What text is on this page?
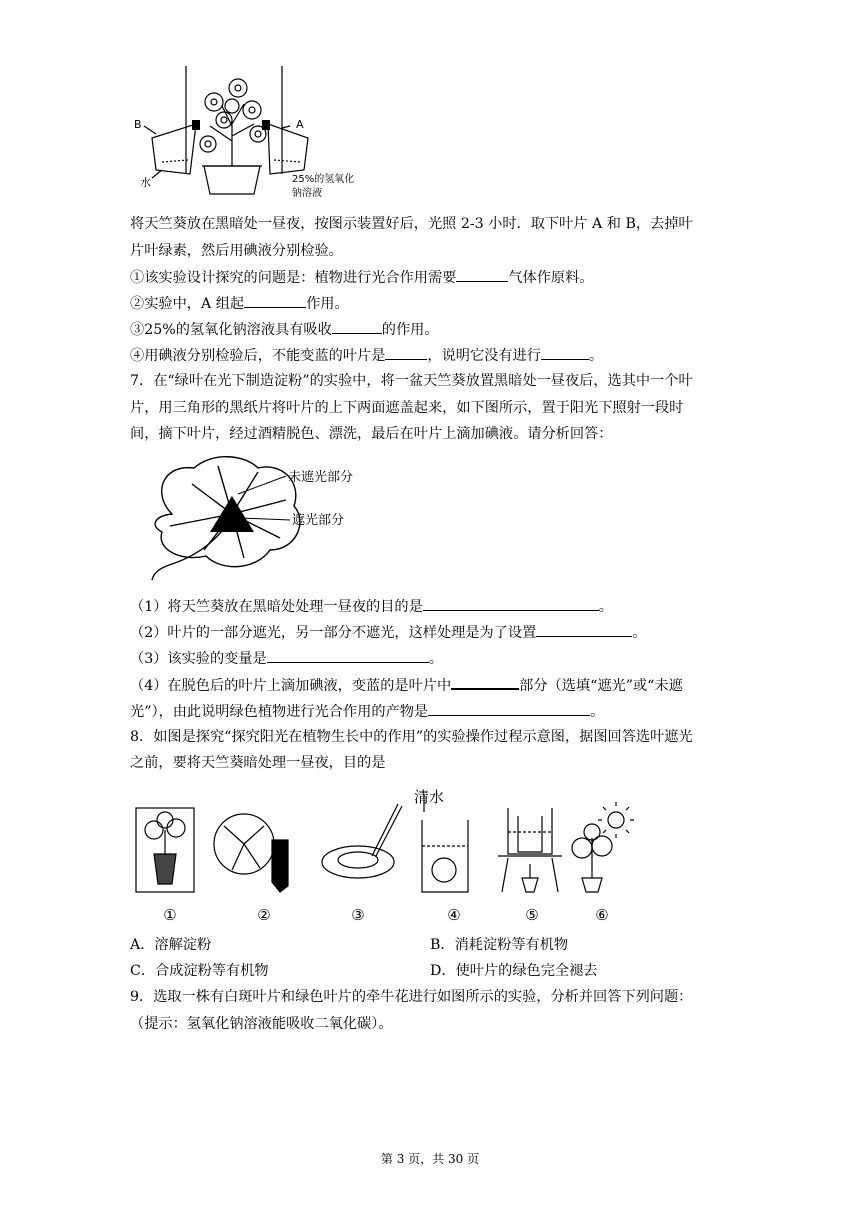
B	A
水	25%的氢氧化
钠溶液
将天竺葵放在黑暗处一昼夜，按图示装置好后，光照 2-3 小时．取下叶片 A 和 B，去掉叶
片叶绿素，然后用碘液分别检验。
①该实验设计探究的问题是：植物进行光合作用需要	气体作原料。
②实验中，A 组起	作用。
③25%的氢氧化钠溶液具有吸收	的作用。
④用碘液分别检验后，不能变蓝的叶片是	，说明它没有进行	。
7．在“绿叶在光下制造淀粉”的实验中，将一盆天竺葵放置黑暗处一昼夜后，选其中一个叶
片，用三角形的黑纸片将叶片的上下两面遮盖起来，如下图所示，置于阳光下照射一段时
间，摘下叶片，经过酒精脱色、漂洗，最后在叶片上滴加碘液。请分析回答：
未遮光部分
遮光部分
（1）将天竺葵放在黑暗处处理一昼夜的目的是	。
（2）叶片的一部分遮光，另一部分不遮光，这样处理是为了设置	。
（3）该实验的变量是	。
（4）在脱色后的叶片上滴加碘液，变蓝的是叶片中	部分（选填“遮光”或“未遮
光”），由此说明绿色植物进行光合作用的产物是	。
8．如图是探究“探究阳光在植物生长中的作用”的实验操作过程示意图，据图回答选叶遮光
之前，要将天竺葵暗处理一昼夜，目的是
清水
①	②	③	④	⑤	⑥
A．溶解淀粉	B．消耗淀粉等有机物
C．合成淀粉等有机物	D．使叶片的绿色完全褪去
9．选取一株有白斑叶片和绿色叶片的牵牛花进行如图所示的实验，分析并回答下列问题：
（提示：氢氧化钠溶液能吸收二氧化碳）。
第 3 页，共 30 页
